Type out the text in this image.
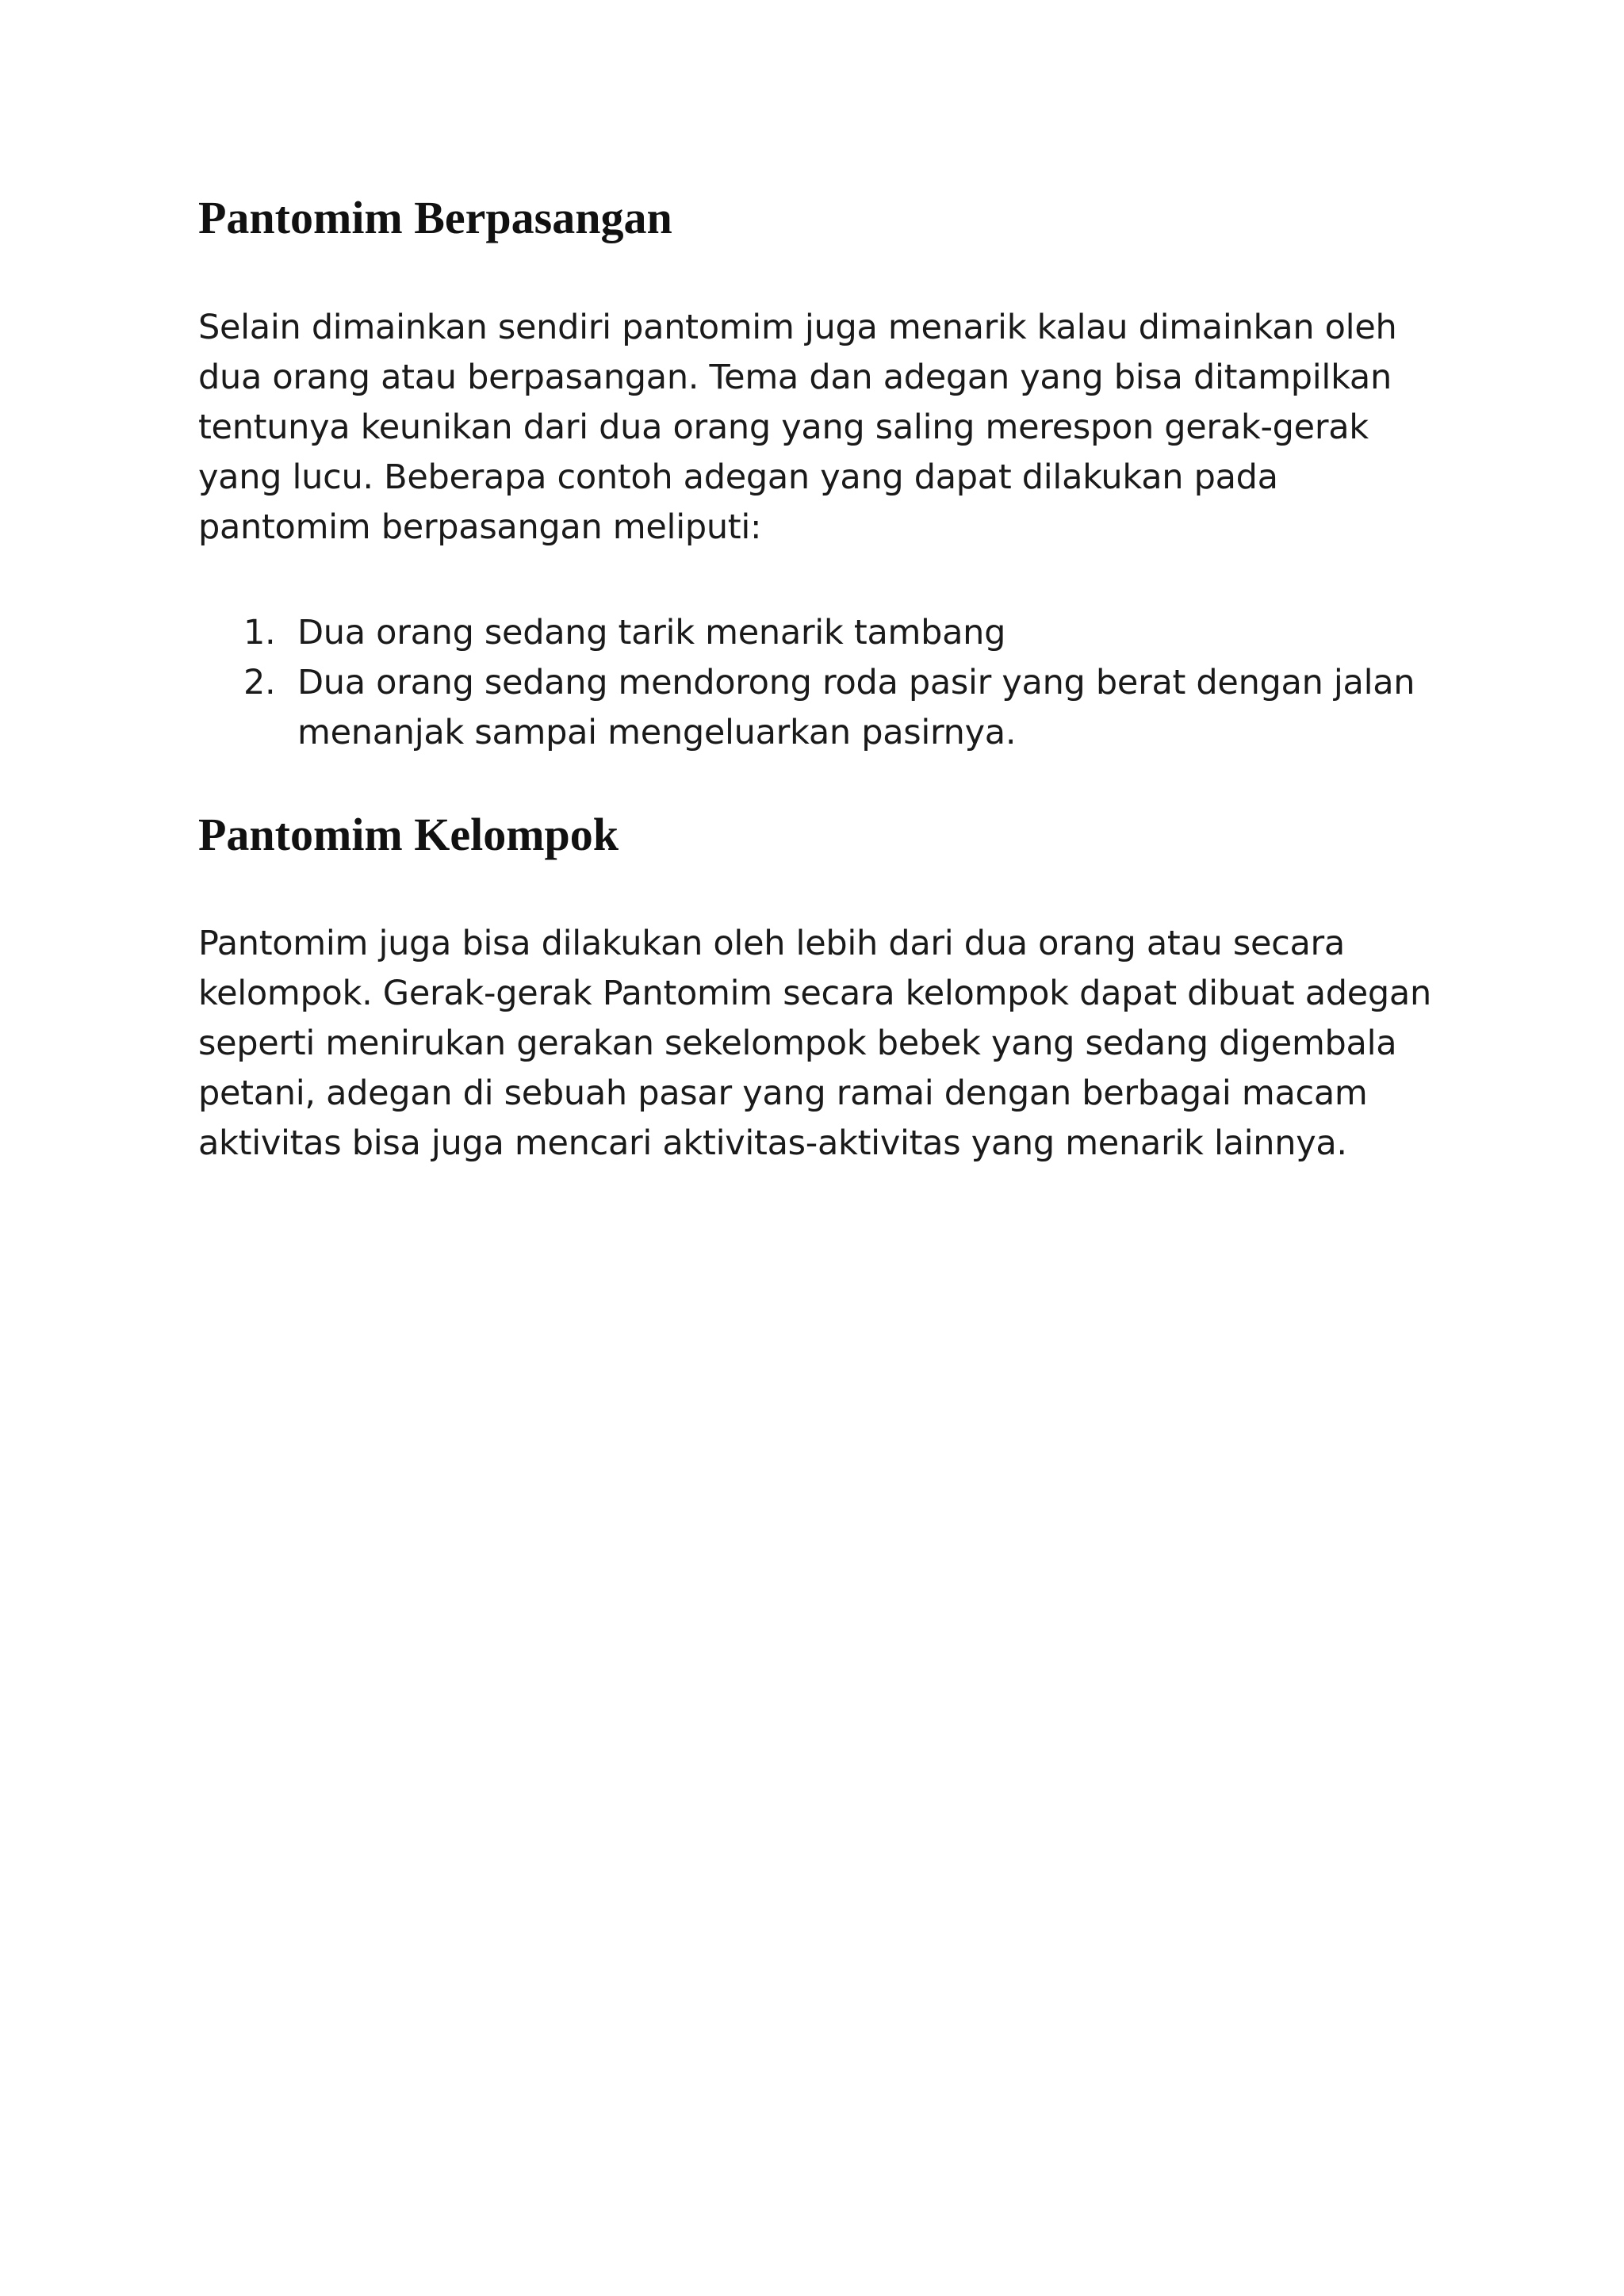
Pantomim Berpasangan

Selain dimainkan sendiri pantomim juga menarik kalau dimainkan oleh dua orang atau berpasangan. Tema dan adegan yang bisa ditampilkan tentunya keunikan dari dua orang yang saling merespon gerak-gerak yang lucu. Beberapa contoh adegan yang dapat dilakukan pada pantomim berpasangan meliputi:

1. Dua orang sedang tarik menarik tambang
2. Dua orang sedang mendorong roda pasir yang berat dengan jalan menanjak sampai mengeluarkan pasirnya.
Pantomim Kelompok

Pantomim juga bisa dilakukan oleh lebih dari dua orang atau secara kelompok. Gerak-gerak Pantomim secara kelompok dapat dibuat adegan seperti menirukan gerakan sekelompok bebek yang sedang digembala petani, adegan di sebuah pasar yang ramai dengan berbagai macam aktivitas bisa juga mencari aktivitas-aktivitas yang menarik lainnya.
